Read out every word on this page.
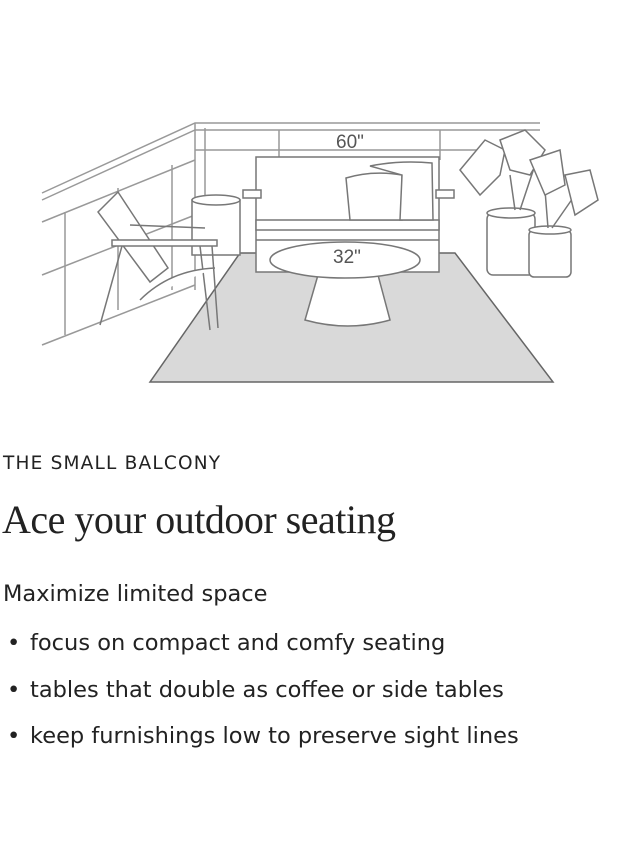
60"
32"
THE SMALL BALCONY
Ace your outdoor seating
Maximize limited space
• focus on compact and comfy seating
• tables that double as coffee or side tables
• keep furnishings low to preserve sight lines
